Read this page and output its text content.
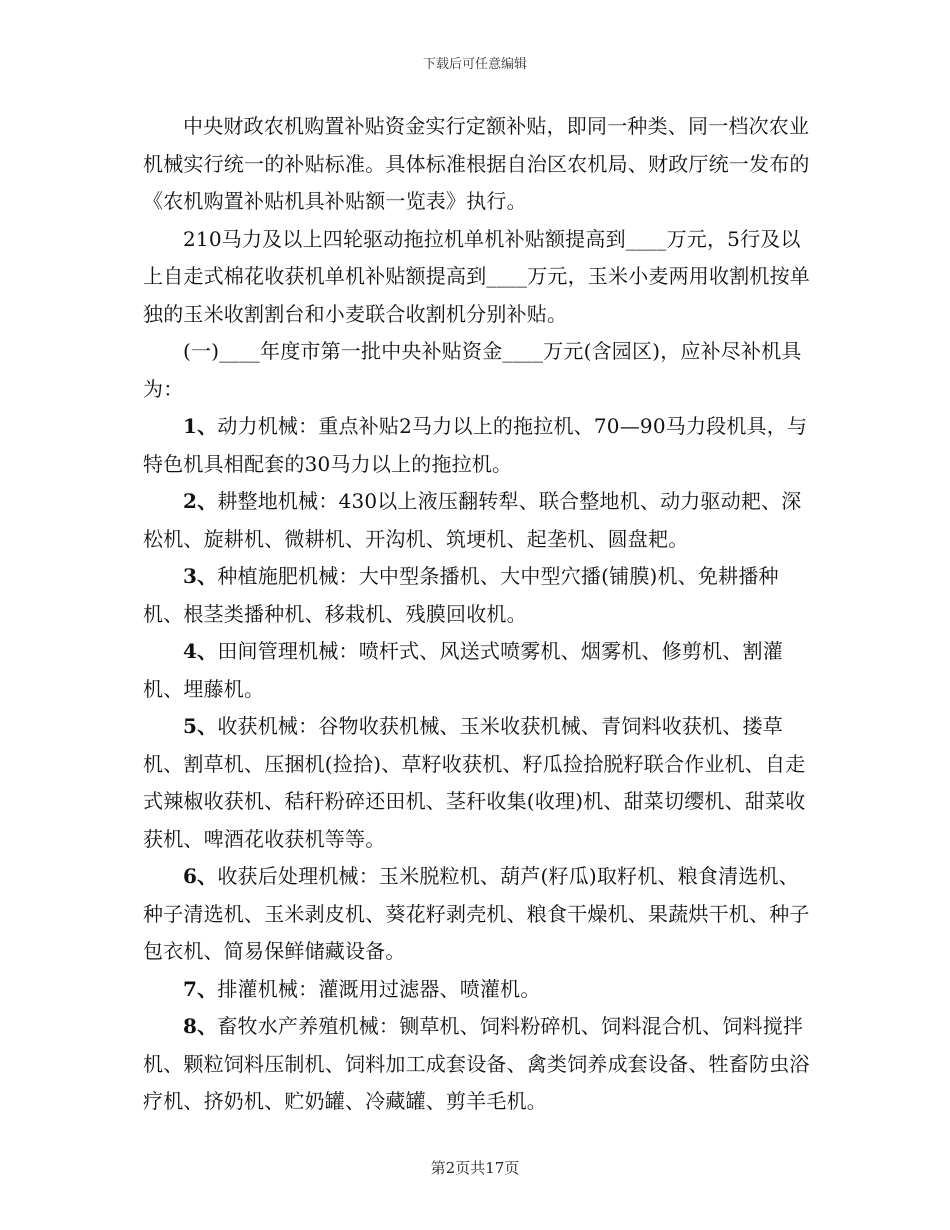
下载后可任意编辑

中央财政农机购置补贴资金实行定额补贴，即同一种类、同一档次农业机械实行统一的补贴标准。具体标准根据自治区农机局、财政厅统一发布的《农机购置补贴机具补贴额一览表》执行。

210马力及以上四轮驱动拖拉机单机补贴额提高到____万元，5行及以上自走式棉花收获机单机补贴额提高到____万元，玉米小麦两用收割机按单独的玉米收割割台和小麦联合收割机分别补贴。

(一)____年度市第一批中央补贴资金____万元(含园区)，应补尽补机具为：

1、动力机械：重点补贴2马力以上的拖拉机、70—90马力段机具，与特色机具相配套的30马力以上的拖拉机。

2、耕整地机械：430以上液压翻转犁、联合整地机、动力驱动耙、深松机、旋耕机、微耕机、开沟机、筑埂机、起垄机、圆盘耙。

3、种植施肥机械：大中型条播机、大中型穴播(铺膜)机、免耕播种机、根茎类播种机、移栽机、残膜回收机。

4、田间管理机械：喷杆式、风送式喷雾机、烟雾机、修剪机、割灌机、埋藤机。

5、收获机械：谷物收获机械、玉米收获机械、青饲料收获机、搂草机、割草机、压捆机(捡拾)、草籽收获机、籽瓜捡拾脱籽联合作业机、自走式辣椒收获机、秸秆粉碎还田机、茎秆收集(收理)机、甜菜切缨机、甜菜收获机、啤酒花收获机等等。

6、收获后处理机械：玉米脱粒机、葫芦(籽瓜)取籽机、粮食清选机、种子清选机、玉米剥皮机、葵花籽剥壳机、粮食干燥机、果蔬烘干机、种子包衣机、简易保鲜储藏设备。

7、排灌机械：灌溉用过滤器、喷灌机。

8、畜牧水产养殖机械：铡草机、饲料粉碎机、饲料混合机、饲料搅拌机、颗粒饲料压制机、饲料加工成套设备、禽类饲养成套设备、牲畜防虫浴疗机、挤奶机、贮奶罐、冷藏罐、剪羊毛机。

第2页共17页
